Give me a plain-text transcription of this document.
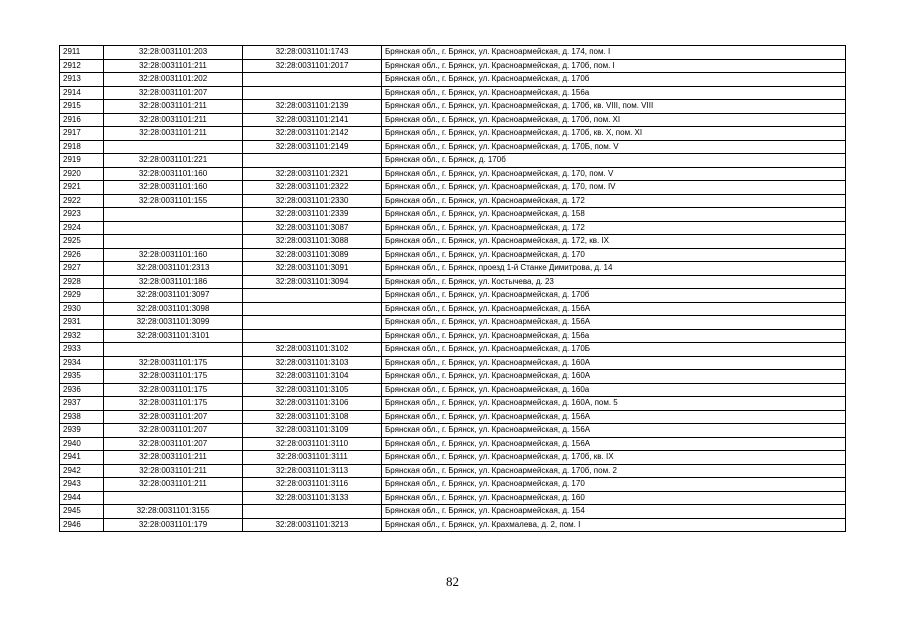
2911	32:28:0031101:203	32:28:0031101:1743	Брянская обл., г. Брянск, ул. Красноармейская, д. 174, пом. I
2912	32:28:0031101:211	32:28:0031101:2017	Брянская обл., г. Брянск, ул. Красноармейская, д. 170б, пом. I
2913	32:28:0031101:202		Брянская обл., г. Брянск, ул. Красноармейская, д. 170б
2914	32:28:0031101:207		Брянская обл., г. Брянск, ул. Красноармейская, д. 156а
2915	32:28:0031101:211	32:28:0031101:2139	Брянская обл., г. Брянск, ул. Красноармейская, д. 170б, кв. VIII, пом. VIII
2916	32:28:0031101:211	32:28:0031101:2141	Брянская обл., г. Брянск, ул. Красноармейская, д. 170б, пом. XI
2917	32:28:0031101:211	32:28:0031101:2142	Брянская обл., г. Брянск, ул. Красноармейская, д. 170б, кв. X, пом. XI
2918		32:28:0031101:2149	Брянская обл., г. Брянск, ул. Красноармейская, д. 170Б, пом. V
2919	32:28:0031101:221		Брянская обл., г. Брянск, д. 170б
2920	32:28:0031101:160	32:28:0031101:2321	Брянская обл., г. Брянск, ул. Красноармейская, д. 170, пом. V
2921	32:28:0031101:160	32:28:0031101:2322	Брянская обл., г. Брянск, ул. Красноармейская, д. 170, пом. IV
2922	32:28:0031101:155	32:28:0031101:2330	Брянская обл., г. Брянск, ул. Красноармейская, д. 172
2923		32:28:0031101:2339	Брянская обл., г. Брянск, ул. Красноармейская, д. 158
2924		32:28:0031101:3087	Брянская обл., г. Брянск, ул. Красноармейская, д. 172
2925		32:28:0031101:3088	Брянская обл., г. Брянск, ул. Красноармейская, д. 172, кв. IX
2926	32:28:0031101:160	32:28:0031101:3089	Брянская обл., г. Брянск, ул. Красноармейская, д. 170
2927	32:28:0031101:2313	32:28:0031101:3091	Брянская обл., г. Брянск, проезд 1-й Станке Димитрова, д. 14
2928	32:28:0031101:186	32:28:0031101:3094	Брянская обл., г. Брянск, ул. Костычева, д. 23
2929	32:28:0031101:3097		Брянская обл., г. Брянск, ул. Красноармейская, д. 170б
2930	32:28:0031101:3098		Брянская обл., г. Брянск, ул. Красноармейская, д. 156А
2931	32:28:0031101:3099		Брянская обл., г. Брянск, ул. Красноармейская, д. 156А
2932	32:28:0031101:3101		Брянская обл., г. Брянск, ул. Красноармейская, д. 156а
2933		32:28:0031101:3102	Брянская обл., г. Брянск, ул. Красноармейская, д. 170Б
2934	32:28:0031101:175	32:28:0031101:3103	Брянская обл., г. Брянск, ул. Красноармейская, д. 160А
2935	32:28:0031101:175	32:28:0031101:3104	Брянская обл., г. Брянск, ул. Красноармейская, д. 160А
2936	32:28:0031101:175	32:28:0031101:3105	Брянская обл., г. Брянск, ул. Красноармейская, д. 160а
2937	32:28:0031101:175	32:28:0031101:3106	Брянская обл., г. Брянск, ул. Красноармейская, д. 160А, пом. 5
2938	32:28:0031101:207	32:28:0031101:3108	Брянская обл., г. Брянск, ул. Красноармейская, д. 156А
2939	32:28:0031101:207	32:28:0031101:3109	Брянская обл., г. Брянск, ул. Красноармейская, д. 156А
2940	32:28:0031101:207	32:28:0031101:3110	Брянская обл., г. Брянск, ул. Красноармейская, д. 156А
2941	32:28:0031101:211	32:28:0031101:3111	Брянская обл., г. Брянск, ул. Красноармейская, д. 170б, кв. IX
2942	32:28:0031101:211	32:28:0031101:3113	Брянская обл., г. Брянск, ул. Красноармейская, д. 170б, пом. 2
2943	32:28:0031101:211	32:28:0031101:3116	Брянская обл., г. Брянск, ул. Красноармейская, д. 170
2944		32:28:0031101:3133	Брянская обл., г. Брянск, ул. Красноармейская, д. 160
2945	32:28:0031101:3155		Брянская обл., г. Брянск, ул. Красноармейская, д. 154
2946	32:28:0031101:179	32:28:0031101:3213	Брянская обл., г. Брянск, ул. Крахмалева, д. 2, пом. I
82
